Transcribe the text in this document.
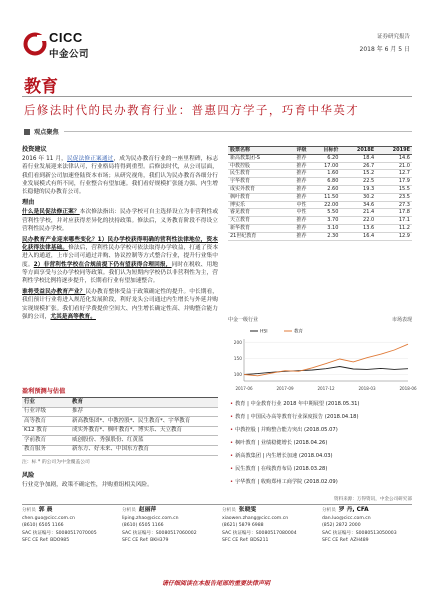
CICC
中金公司
证券研究报告
2018 年 6 月 5 日
教育
后修法时代的民办教育行业：普惠四方学子，巧育中华英才
观点聚焦
投资建议

2016 年 11 月，民促法修正案通过，成为民办教育行业的一座里程碑，标志着行业发展迎来法律认可，行业格局将得到重塑。后修法时代，从公司层面，我们看到新公司加速登陆资本市场；从研究视角，我们认为民办教育各细分行业发展模式有所不同，行业整合有望加速。我们看好规模扩张能力强、内生增长稳健的民办教育公司。

理由

什么是民促法修正案？本次修法指出：民办学校可自主选择设立为非营利性或营利性学校，并对应获得差异化的扶持政策。修法后，义务教育阶段不得设立营利性民办学校。

民办教育产业迎来哪些变化？1）民办学校获得明确的营利性法律地位，资本化获得法律基础。修法后，营利性民办学校可依法取得办学收益，打通了资本进入的通道，上市公司可通过并购、协议控制等方式整合行业，提升行业集中度。2）非营利性学校在合规前提下仍有望获得合理回报，同时在税收、用地等方面享受与公办学校同等政策。我们认为短期内学校仍以非营利性为主，营利性学校比例将逐步提升，长期看行业有望加速整合。

谁将受益民办教育产业？民办教育整体受益于政策确定性的提升。中长期看，我们预计行业将进入规范化发展阶段，利好龙头公司通过内生增长与外延并购实现规模扩张。我们看好学费提价空间大、内生增长确定性高、并购整合能力强的公司，尤其是高等教育。

盈利预测与估值
行业	教育
行业评级	推荐
高等教育	新高教集团*、中教控股*、民生教育*、宇华教育
K12 教育	成实外教育*、枫叶教育*、博实乐、天立教育
学前教育	威创股份、秀强股份、红黄蓝
教育服务	新东方、好未来、中国东方教育
注：标 * 的公司为中金覆盖公司
风险
行业竞争加剧，政策不确定性，并购重组相关风险。
股票名称	评级	目标价	2018E	2019E
新高教集团-S	推荐	6.20	18.4	14.6
中教控股	推荐	17.00	26.7	21.0
民生教育	推荐	1.60	15.2	12.7
宇华教育	推荐	6.80	22.5	17.9
成实外教育	推荐	2.60	19.3	15.5
枫叶教育	推荐	11.50	30.2	23.5
博实乐	中性	22.00	34.6	27.3
睿见教育	中性	5.50	21.4	17.8
天立教育	推荐	3.70	22.0	17.1
新华教育	推荐	3.10	13.6	11.2
21世纪教育	推荐	2.30	16.4	12.9
中金一级行业	市场表现
100
150
200
2017-06	2017-09	2017-12	2018-03	2018-06
HSI	教育
• 教育 | 中金教育行业 2018 年中期展望 (2018.05.31)
• 教育 | 中国民办高等教育行业深度报告 (2018.04.18)
• 中教控股 | 并购整合能力突出 (2018.05.07)
• 枫叶教育 | 业绩稳健增长 (2018.04.26)
• 新高教集团 | 内生增长加速 (2018.04.03)
• 民生教育 | 在线教育布局 (2018.03.28)
• 宇华教育 | 收购郑州工商学院 (2018.02.09)
资料来源：万得资讯，中金公司研究部
分析员 郭 晨
chen.guo@cicc.com.cn
(8610) 6505 1166
SAC 执证编号：S0080517070005
SFC CE Ref: BDO985
分析员 赵丽萍
liping.zhao@cicc.com.cn
(8610) 6505 1166
SAC 执证编号：S0080517060002
SFC CE Ref: BKH379
分析员 张晓雯
xiaowen.zhang@cicc.com.cn
(8621) 5879 6988
SAC 执证编号：S0080517080004
SFC CE Ref: BDS211
分析员 罗 丹, CFA
dan.luo@cicc.com.cn
(852) 2872 2000
SAC 执证编号：S0080513050003
SFC CE Ref: AZH489
请仔细阅读在本报告尾部的重要法律声明
